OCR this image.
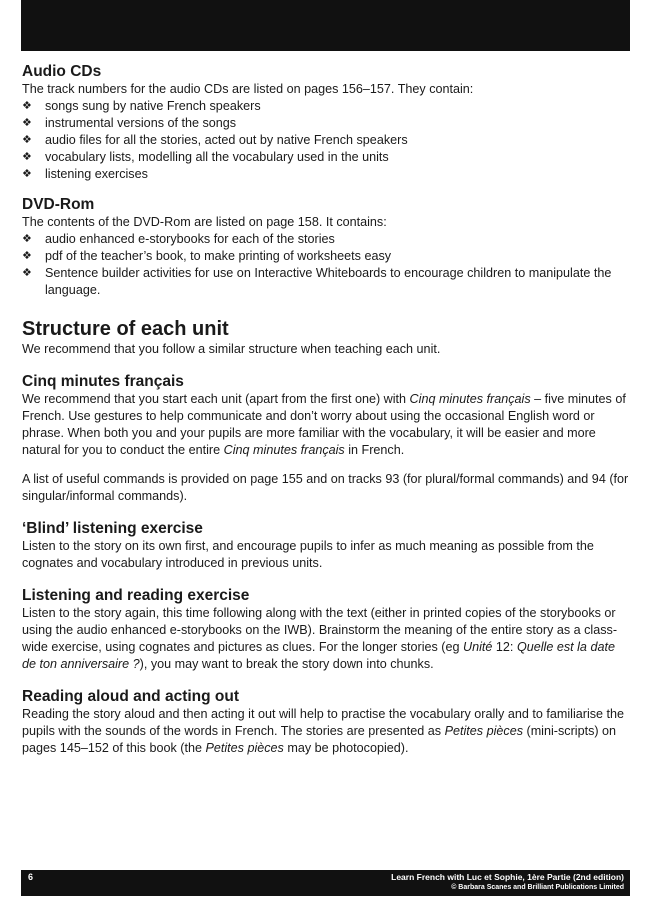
Audio CDs

The track numbers for the audio CDs are listed on pages 156–157. They contain:

❖ songs sung by native French speakers
❖ instrumental versions of the songs
❖ audio files for all the stories, acted out by native French speakers
❖ vocabulary lists, modelling all the vocabulary used in the units
❖ listening exercises
DVD-Rom

The contents of the DVD-Rom are listed on page 158. It contains:

❖ audio enhanced e-storybooks for each of the stories
❖ pdf of the teacher’s book, to make printing of worksheets easy
❖ Sentence builder activities for use on Interactive Whiteboards to encourage children to manipulate the language.
Structure of each unit

We recommend that you follow a similar structure when teaching each unit.

Cinq minutes français

We recommend that you start each unit (apart from the first one) with Cinq minutes français – five minutes of French. Use gestures to help communicate and don’t worry about using the occasional English word or phrase. When both you and your pupils are more familiar with the vocabulary, it will be easier and more natural for you to conduct the entire Cinq minutes français in French.

A list of useful commands is provided on page 155 and on tracks 93 (for plural/formal commands) and 94 (for singular/informal commands).

‘Blind’ listening exercise

Listen to the story on its own first, and encourage pupils to infer as much meaning as possible from the cognates and vocabulary introduced in previous units.

Listening and reading exercise

Listen to the story again, this time following along with the text (either in printed copies of the storybooks or using the audio enhanced e-storybooks on the IWB). Brainstorm the meaning of the entire story as a class-wide exercise, using cognates and pictures as clues. For the longer stories (eg Unité 12: Quelle est la date de ton anniversaire ?), you may want to break the story down into chunks.

Reading aloud and acting out

Reading the story aloud and then acting it out will help to practise the vocabulary orally and to familiarise the pupils with the sounds of the words in French. The stories are presented as Petites pièces (mini-scripts) on pages 145–152 of this book (the Petites pièces may be photocopied).

6	Learn French with Luc et Sophie, 1ère Partie (2nd edition)
© Barbara Scanes and Brilliant Publications Limited
